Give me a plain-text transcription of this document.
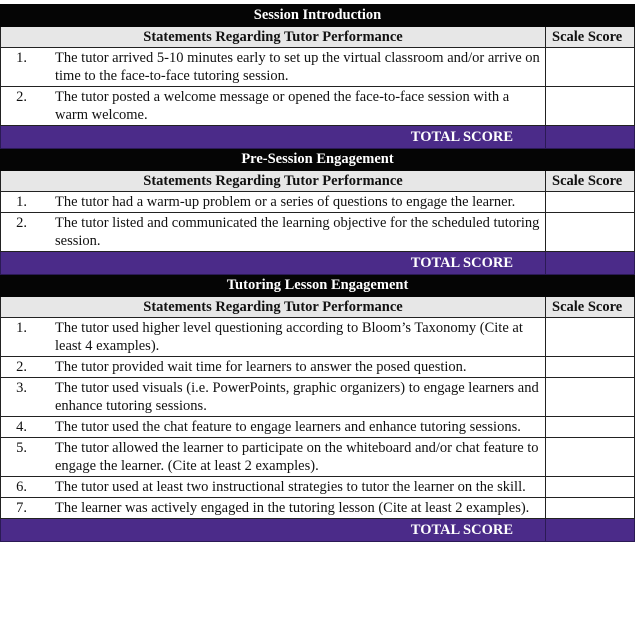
Session Introduction	
Statements Regarding Tutor Performance	Scale Score

1. The tutor arrived 5-10 minutes early to set up the virtual classroom and/or arrive on time to the face-to-face tutoring session.	

2. The tutor posted a welcome message or opened the face-to-face session with a warm welcome.	

TOTAL SCORE	
Pre-Session Engagement	
Statements Regarding Tutor Performance	Scale Score

1. The tutor had a warm-up problem or a series of questions to engage the learner.	

2. The tutor listed and communicated the learning objective for the scheduled tutoring session.	

TOTAL SCORE	
Tutoring Lesson Engagement	
Statements Regarding Tutor Performance	Scale Score

1. The tutor used higher level questioning according to Bloom’s Taxonomy (Cite at least 4 examples).	

2. The tutor provided wait time for learners to answer the posed question.	

3. The tutor used visuals (i.e. PowerPoints, graphic organizers) to engage learners and enhance tutoring sessions.	

4. The tutor used the chat feature to engage learners and enhance tutoring sessions.	

5. The tutor allowed the learner to participate on the whiteboard and/or chat feature to engage the learner. (Cite at least 2 examples).	

6. The tutor used at least two instructional strategies to tutor the learner on the skill.	

7. The learner was actively engaged in the tutoring lesson (Cite at least 2 examples).	

TOTAL SCORE	
